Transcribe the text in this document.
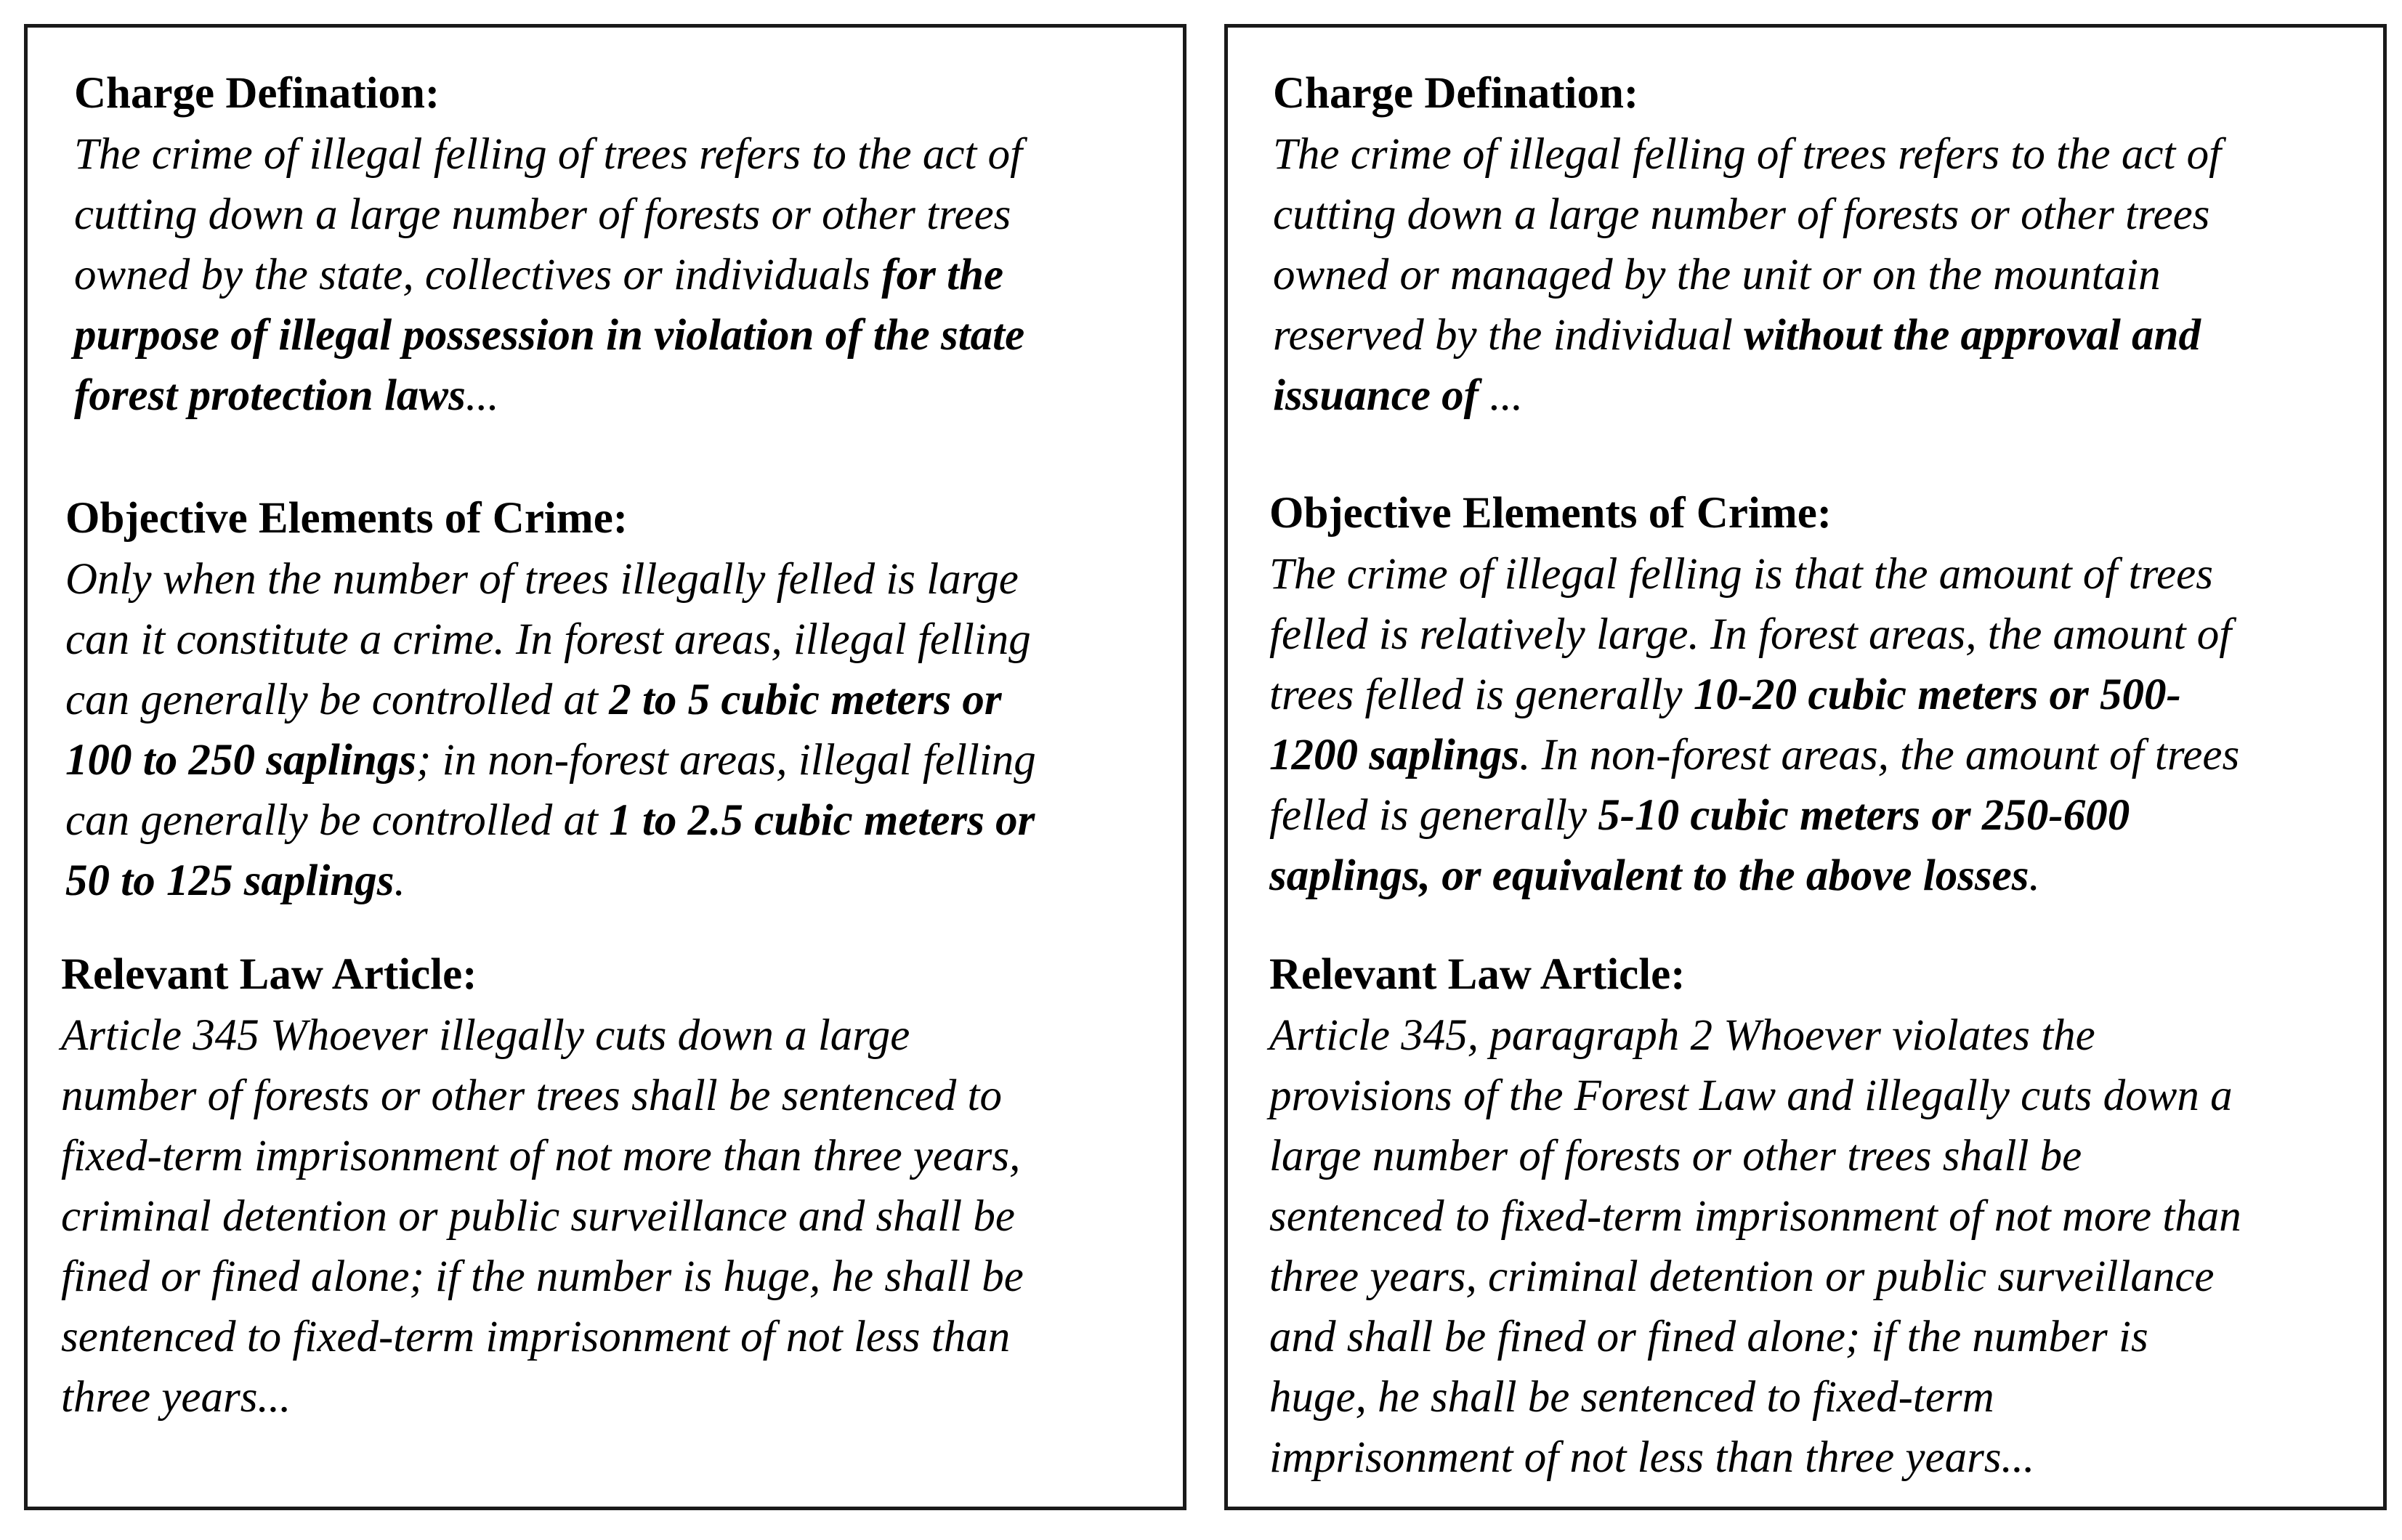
Charge Defination:
The crime of illegal felling of trees refers to the act of
cutting down a large number of forests or other trees
owned by the state, collectives or individuals for the
purpose of illegal possession in violation of the state
forest protection laws...
Objective Elements of Crime:
Only when the number of trees illegally felled is large
can it constitute a crime. In forest areas, illegal felling
can generally be controlled at 2 to 5 cubic meters or
100 to 250 saplings; in non-forest areas, illegal felling
can generally be controlled at 1 to 2.5 cubic meters or
50 to 125 saplings.
Relevant Law Article:
Article 345 Whoever illegally cuts down a large
number of forests or other trees shall be sentenced to
fixed-term imprisonment of not more than three years,
criminal detention or public surveillance and shall be
fined or fined alone; if the number is huge, he shall be
sentenced to fixed-term imprisonment of not less than
three years...
Charge Defination:
The crime of illegal felling of trees refers to the act of
cutting down a large number of forests or other trees
owned or managed by the unit or on the mountain
reserved by the individual without the approval and
issuance of ...
Objective Elements of Crime:
The crime of illegal felling is that the amount of trees
felled is relatively large. In forest areas, the amount of
trees felled is generally 10-20 cubic meters or 500-
1200 saplings. In non-forest areas, the amount of trees
felled is generally 5-10 cubic meters or 250-600
saplings, or equivalent to the above losses.
Relevant Law Article:
Article 345, paragraph 2 Whoever violates the
provisions of the Forest Law and illegally cuts down a
large number of forests or other trees shall be
sentenced to fixed-term imprisonment of not more than
three years, criminal detention or public surveillance
and shall be fined or fined alone; if the number is
huge, he shall be sentenced to fixed-term
imprisonment of not less than three years...
